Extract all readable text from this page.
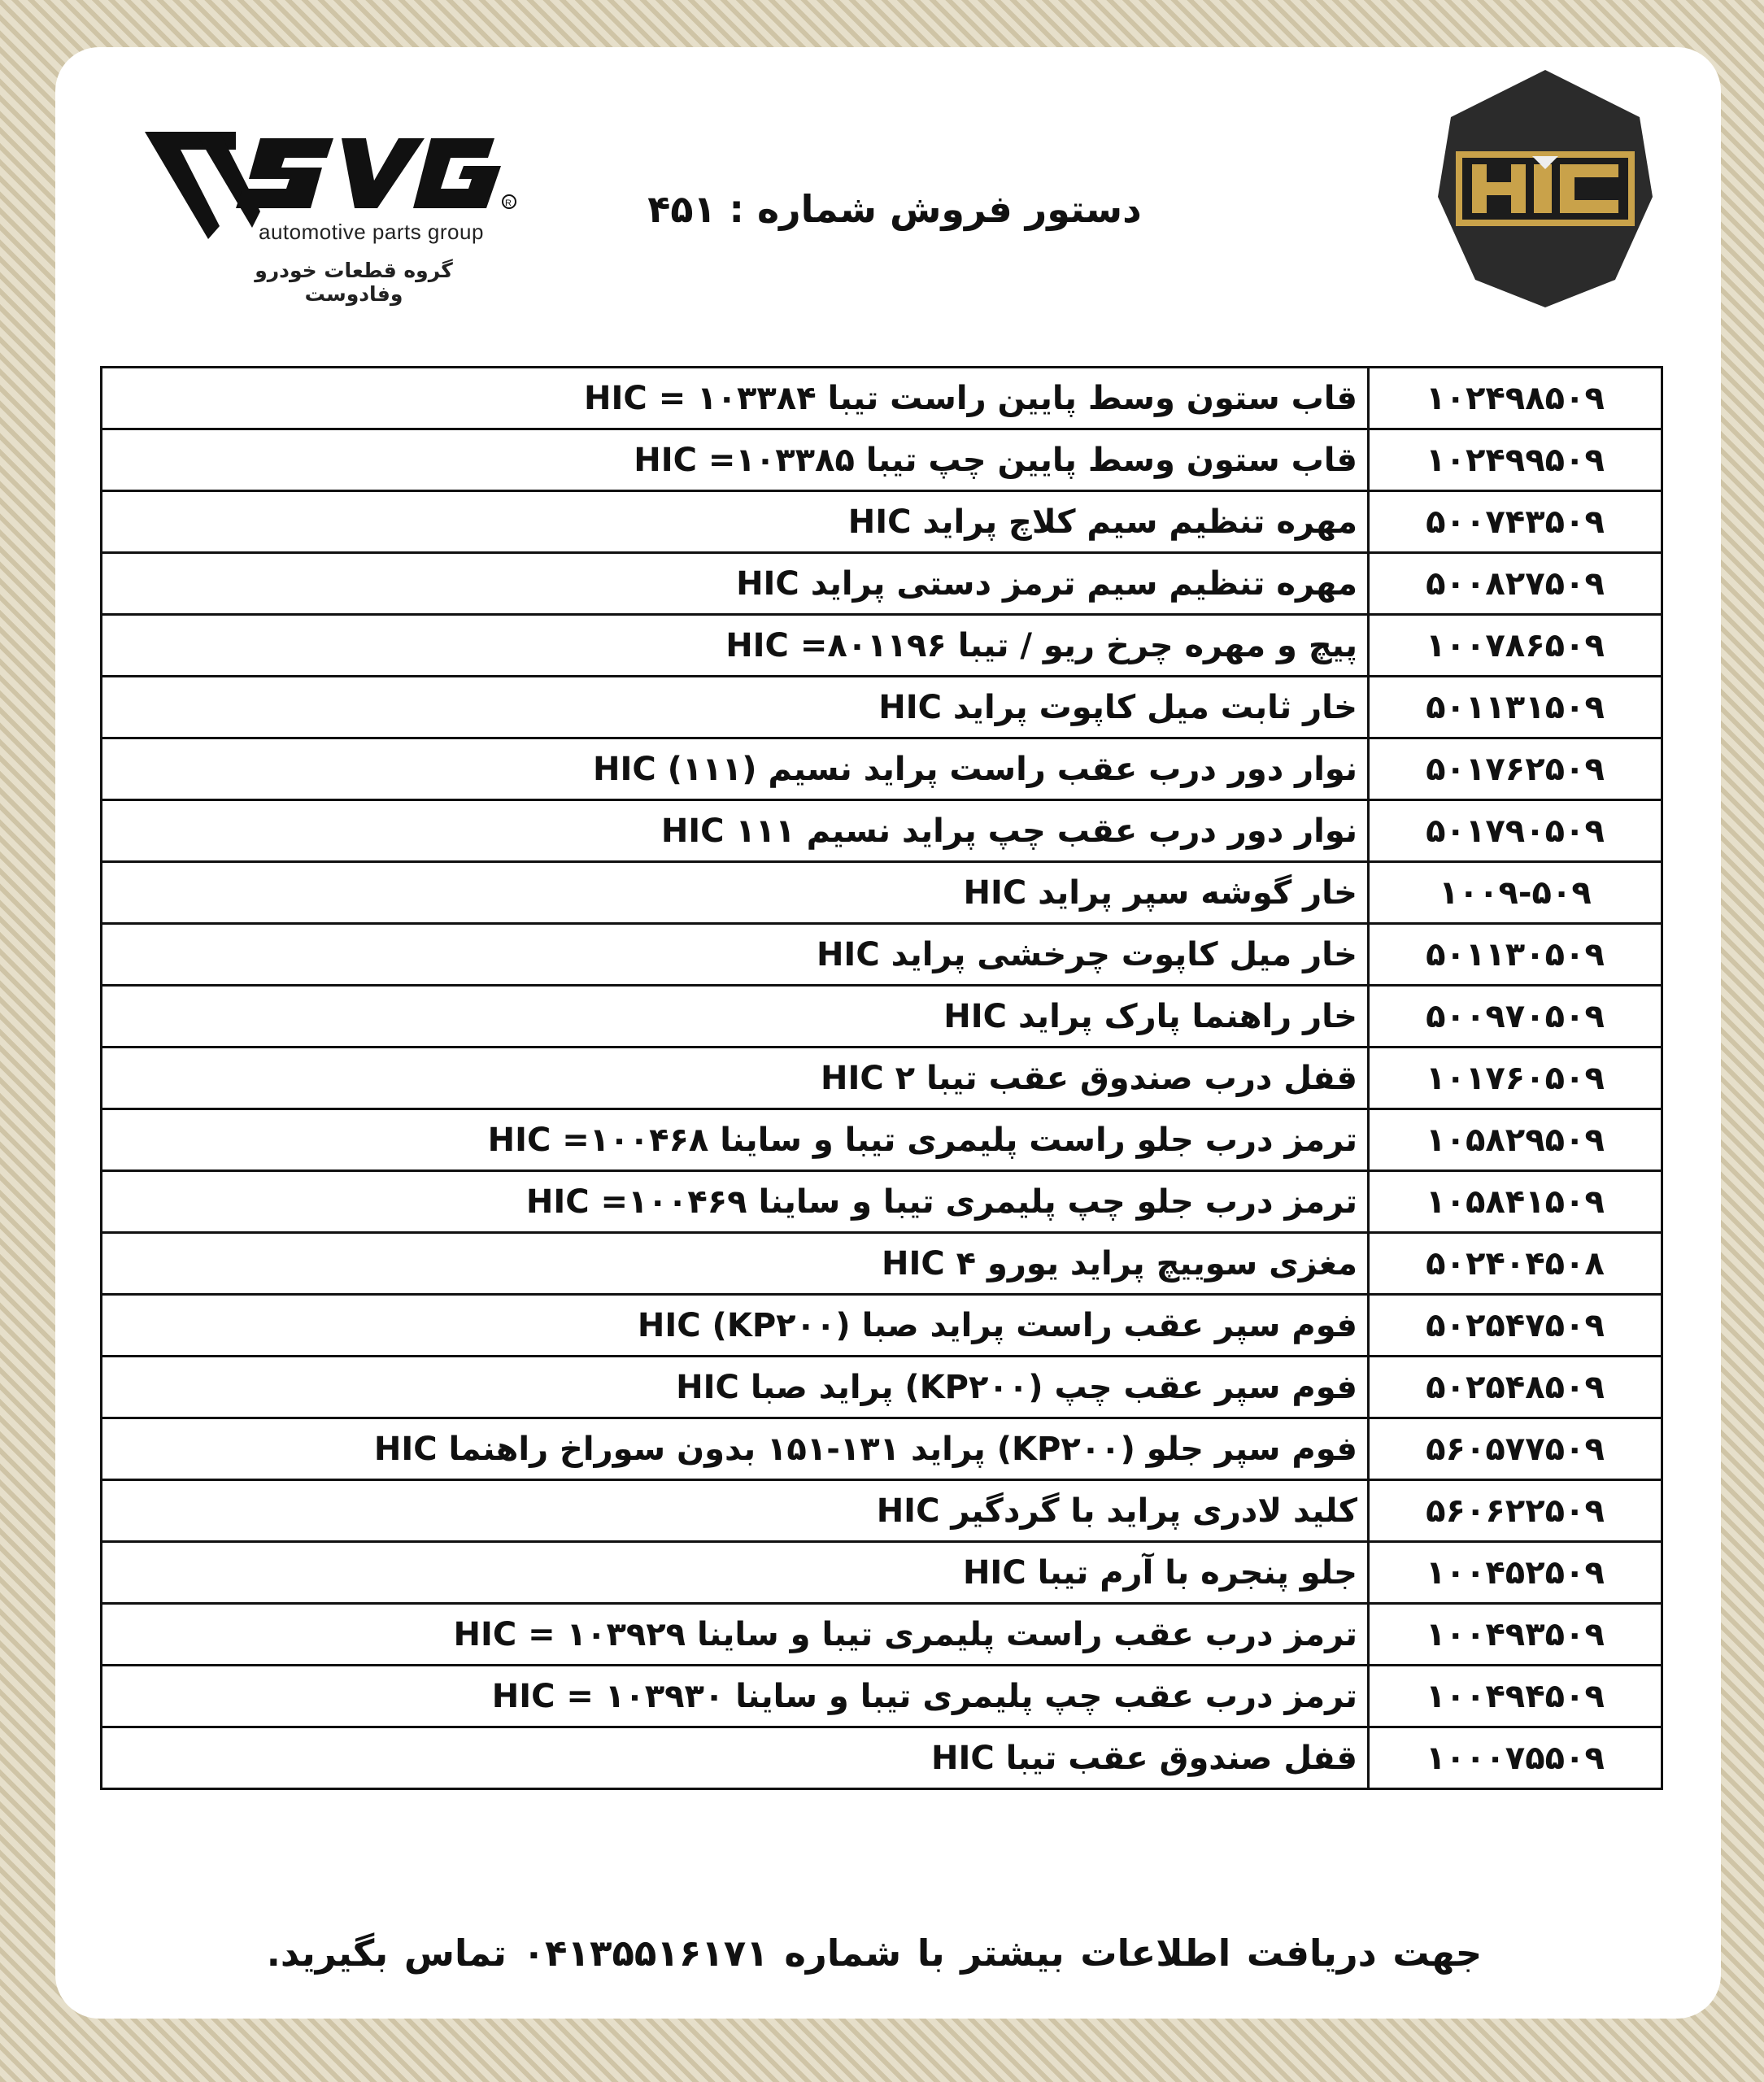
R
automotive parts group
گروه قطعات خودرو وفادوست
دستور فروش شماره : ۴۵۱
۱۰۲۴۹۸۵۰۹	قاب ستون وسط پایین راست تیبا ۱۰۳۳۸۴ = HIC
۱۰۲۴۹۹۵۰۹	قاب ستون وسط پایین چپ تیبا ۱۰۳۳۸۵= HIC
۵۰۰۷۴۳۵۰۹	مهره تنظیم سیم کلاچ پراید HIC
۵۰۰۸۲۷۵۰۹	مهره تنظیم سیم ترمز دستی پراید HIC
۱۰۰۷۸۶۵۰۹	پیچ و مهره چرخ ریو / تیبا ۸۰۱۱۹۶= HIC
۵۰۱۱۳۱۵۰۹	خار ثابت میل کاپوت پراید HIC
۵۰۱۷۶۲۵۰۹	نوار دور درب عقب راست پراید نسیم (۱۱۱) HIC
۵۰۱۷۹۰۵۰۹	نوار دور درب عقب چپ پراید نسیم ۱۱۱ HIC
۱۰۰۹-۵۰۹	خار گوشه سپر پراید HIC
۵۰۱۱۳۰۵۰۹	خار میل کاپوت چرخشی پراید HIC
۵۰۰۹۷۰۵۰۹	خار راهنما پارک پراید HIC
۱۰۱۷۶۰۵۰۹	قفل درب صندوق عقب تیبا ۲ HIC
۱۰۵۸۲۹۵۰۹	ترمز درب جلو راست پلیمری تیبا و ساینا ۱۰۰۴۶۸= HIC
۱۰۵۸۴۱۵۰۹	ترمز درب جلو چپ پلیمری تیبا و ساینا ۱۰۰۴۶۹= HIC
۵۰۲۴۰۴۵۰۸	مغزی سوییچ پراید یورو ۴ HIC
۵۰۲۵۴۷۵۰۹	فوم سپر عقب راست پراید صبا (KP۲۰۰) HIC
۵۰۲۵۴۸۵۰۹	فوم سپر عقب چپ (KP۲۰۰) پراید صبا HIC
۵۶۰۵۷۷۵۰۹	فوم سپر جلو (KP۲۰۰) پراید ۱۳۱-۱۵۱ بدون سوراخ راهنما HIC
۵۶۰۶۲۲۵۰۹	کلید لادری پراید با گردگیر HIC
۱۰۰۴۵۲۵۰۹	جلو پنجره با آرم تیبا HIC
۱۰۰۴۹۳۵۰۹	ترمز درب عقب راست پلیمری تیبا و ساینا ۱۰۳۹۲۹ = HIC
۱۰۰۴۹۴۵۰۹	ترمز درب عقب چپ پلیمری تیبا و ساینا ۱۰۳۹۳۰ = HIC
۱۰۰۰۷۵۵۰۹	قفل صندوق عقب تیبا HIC
جهت دریافت اطلاعات بیشتر با شماره ۰۴۱۳۵۵۱۶۱۷۱ تماس بگیرید.
